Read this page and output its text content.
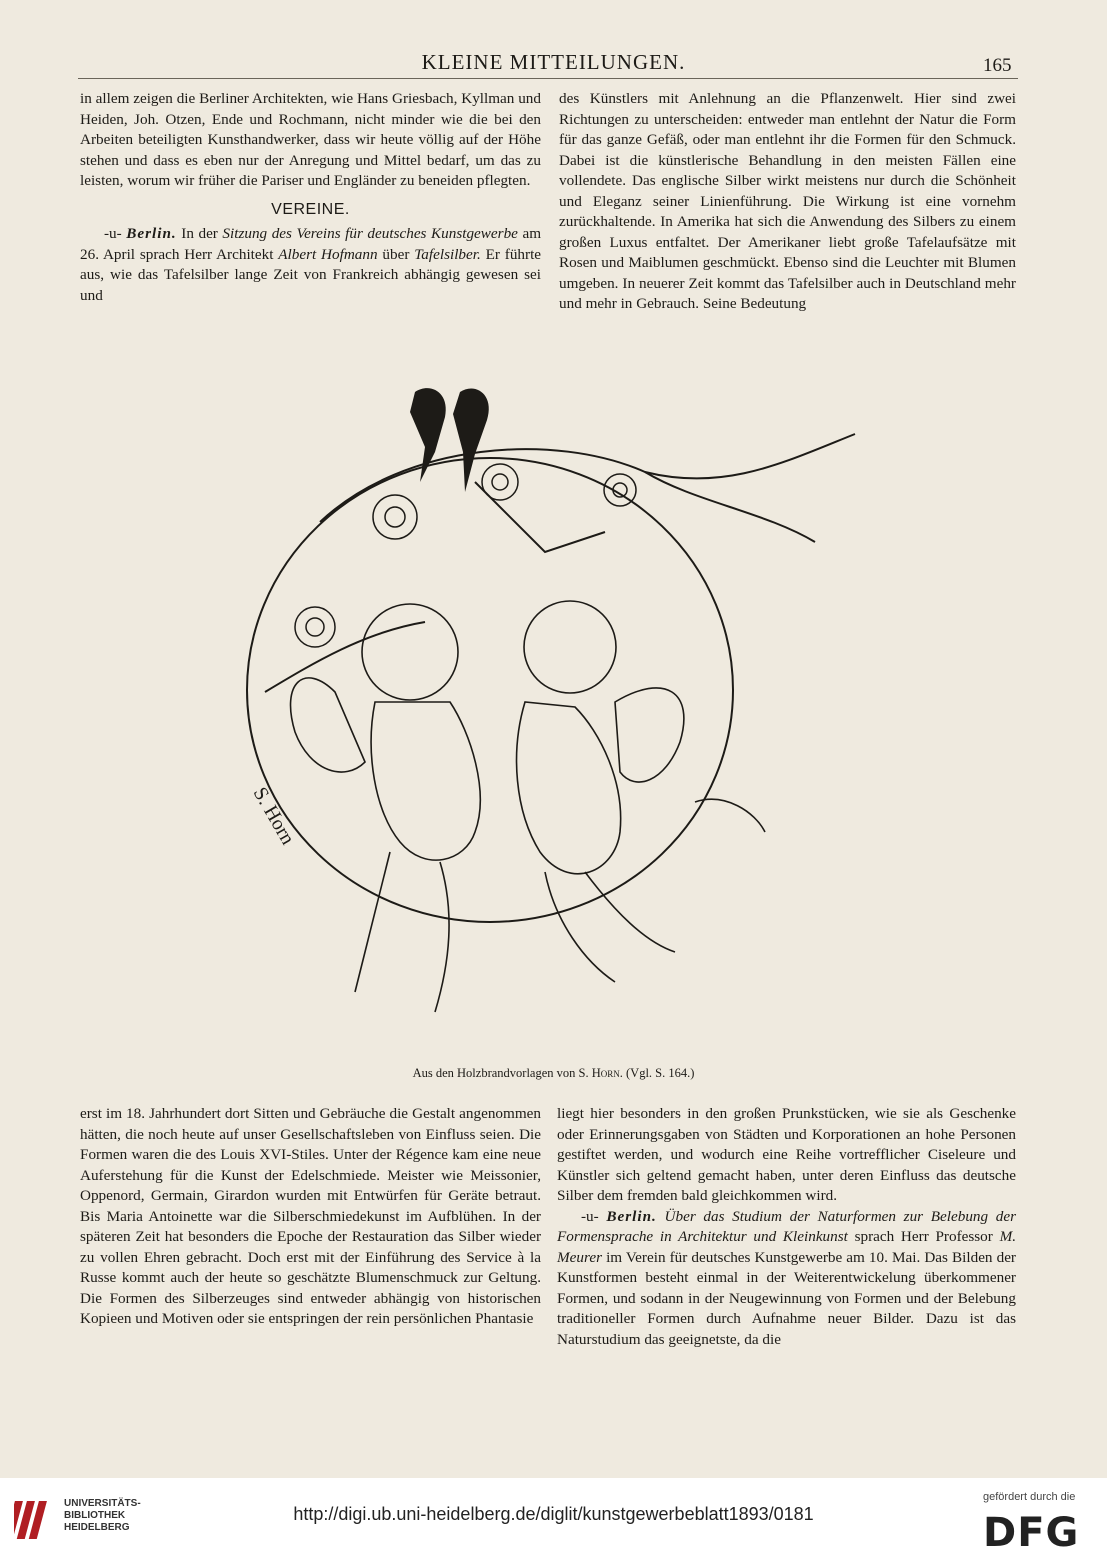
KLEINE MITTEILUNGEN.	165

in allem zeigen die Berliner Architekten, wie Hans Griesbach, Kyllman und Heiden, Joh. Otzen, Ende und Rochmann, nicht minder wie die bei den Arbeiten beteiligten Kunsthandwerker, dass wir heute völlig auf der Höhe stehen und dass es eben nur der Anregung und Mittel bedarf, um das zu leisten, worum wir früher die Pariser und Engländer zu beneiden pflegten.

VEREINE.

-u- Berlin. In der Sitzung des Vereins für deutsches Kunstgewerbe am 26. April sprach Herr Architekt Albert Hofmann über Tafelsilber. Er führte aus, wie das Tafelsilber lange Zeit von Frankreich abhängig gewesen sei und

des Künstlers mit Anlehnung an die Pflanzenwelt. Hier sind zwei Richtungen zu unterscheiden: entweder man entlehnt der Natur die Form für das ganze Gefäß, oder man entlehnt ihr die Formen für den Schmuck. Dabei ist die künstlerische Behandlung in den meisten Fällen eine vollendete. Das englische Silber wirkt meistens nur durch die Schönheit und Eleganz seiner Linienführung. Die Wirkung ist eine vornehm zurückhaltende. In Amerika hat sich die Anwendung des Silbers zu einem großen Luxus entfaltet. Der Amerikaner liebt große Tafelaufsätze mit Rosen und Maiblumen geschmückt. Ebenso sind die Leuchter mit Blumen umgeben. In neuerer Zeit kommt das Tafelsilber auch in Deutschland mehr und mehr in Gebrauch. Seine Bedeutung

S. Horn
Aus den Holzbrandvorlagen von S. Horn. (Vgl. S. 164.)

erst im 18. Jahrhundert dort Sitten und Gebräuche die Gestalt angenommen hätten, die noch heute auf unser Gesellschaftsleben von Einfluss seien. Die Formen waren die des Louis XVI-Stiles. Unter der Régence kam eine neue Auferstehung für die Kunst der Edelschmiede. Meister wie Meissonier, Oppenord, Germain, Girardon wurden mit Entwürfen für Geräte betraut. Bis Maria Antoinette war die Silberschmiedekunst im Aufblühen. In der späteren Zeit hat besonders die Epoche der Restauration das Silber wieder zu vollen Ehren gebracht. Doch erst mit der Einführung des Service à la Russe kommt auch der heute so geschätzte Blumenschmuck zur Geltung. Die Formen des Silberzeuges sind entweder abhängig von historischen Kopieen und Motiven oder sie entspringen der rein persönlichen Phantasie

liegt hier besonders in den großen Prunkstücken, wie sie als Geschenke oder Erinnerungsgaben von Städten und Korporationen an hohe Personen gestiftet werden, und wodurch eine Reihe vortrefflicher Ciseleure und Künstler sich geltend gemacht haben, unter deren Einfluss das deutsche Silber dem fremden bald gleichkommen wird.

-u- Berlin. Über das Studium der Naturformen zur Belebung der Formensprache in Architektur und Kleinkunst sprach Herr Professor M. Meurer im Verein für deutsches Kunstgewerbe am 10. Mai. Das Bilden der Kunstformen besteht einmal in der Weiterentwickelung überkommener Formen, und sodann in der Neugewinnung von Formen und der Belebung traditioneller Formen durch Aufnahme neuer Bilder. Dazu ist das Naturstudium das geeignetste, da die

UNIVERSITÄTS-
BIBLIOTHEK
HEIDELBERG
http://digi.ub.uni-heidelberg.de/diglit/kunstgewerbeblatt1893/0181
gefördert durch die
DFG
